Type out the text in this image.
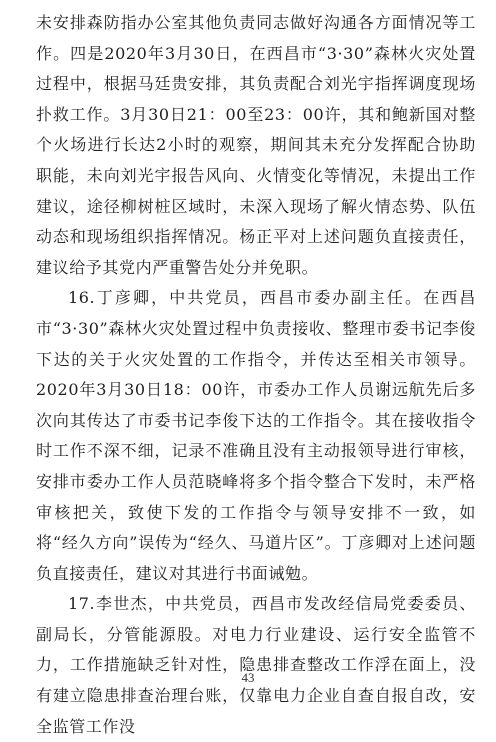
未安排森防指办公室其他负责同志做好沟通各方面情况等工作。四是2020年3月30日，在西昌市“3·30”森林火灾处置过程中，根据马廷贵安排，其负责配合刘光宇指挥调度现场扑救工作。3月30日21：00至23：00许，其和鲍新国对整个火场进行长达2小时的观察，期间其未充分发挥配合协助职能，未向刘光宇报告风向、火情变化等情况，未提出工作建议，途径柳树桩区域时，未深入现场了解火情态势、队伍动态和现场组织指挥情况。杨正平对上述问题负直接责任，建议给予其党内严重警告处分并免职。

16.丁彦卿，中共党员，西昌市委办副主任。在西昌市“3·30”森林火灾处置过程中负责接收、整理市委书记李俊下达的关于火灾处置的工作指令，并传达至相关市领导。2020年3月30日18：00许，市委办工作人员谢远航先后多次向其传达了市委书记李俊下达的工作指令。其在接收指令时工作不深不细，记录不准确且没有主动报领导进行审核，安排市委办工作人员范晓峰将多个指令整合下发时，未严格审核把关，致使下发的工作指令与领导安排不一致，如将“经久方向”误传为“经久、马道片区”。丁彦卿对上述问题负直接责任，建议对其进行书面诫勉。

17.李世杰，中共党员，西昌市发改经信局党委委员、副局长，分管能源股。对电力行业建设、运行安全监管不力，工作措施缺乏针对性，隐患排查整改工作浮在面上，没有建立隐患排查治理台账，仅靠电力企业自查自报自改，安全监管工作没

43
